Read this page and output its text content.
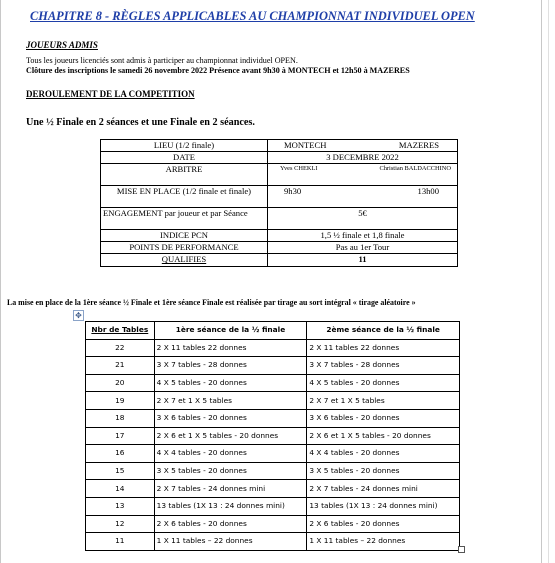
CHAPITRE 8 - RÈGLES APPLICABLES AU CHAMPIONNAT INDIVIDUEL OPEN
JOUEURS ADMIS
Tous les joueurs licenciés sont admis à participer au championnat individuel OPEN.
Clôture des inscriptions le samedi 26 novembre 2022 Présence avant 9h30 à MONTECH et 12h50 à MAZERES
DEROULEMENT DE LA COMPETITION
Une ½ Finale en 2 séances et une Finale en 2 séances.
LIEU (1/2 finale)	MONTECH MAZERES

DATE	3 DECEMBRE 2022
ARBITRE	Yves CHEKLI Christian BALDACCHINO

MISE EN PLACE (1/2 finale et finale)	9h30 13h00

ENGAGEMENT par joueur et par Séance	5€
INDICE PCN	1,5 ½ finale et 1,8 finale
POINTS DE PERFORMANCE	Pas au 1er Tour
QUALIFIES	11
La mise en place de la 1ère séance ½ Finale et 1ère séance Finale est réalisée par tirage au sort intégral « tirage aléatoire »
✥
Nbr de Tables	1ère séance de la ½ finale	2ème séance de la ½ finale
22	2 X 11 tables 22 donnes	2 X 11 tables 22 donnes
21	3 X 7 tables - 28 donnes	3 X 7 tables - 28 donnes
20	4 X 5 tables - 20 donnes	4 X 5 tables - 20 donnes
19	2 X 7 et 1 X 5 tables	2 X 7 et 1 X 5 tables
18	3 X 6 tables - 20 donnes	3 X 6 tables - 20 donnes
17	2 X 6 et 1 X 5 tables - 20 donnes	2 X 6 et 1 X 5 tables - 20 donnes
16	4 X 4 tables - 20 donnes	4 X 4 tables - 20 donnes
15	3 X 5 tables - 20 donnes	3 X 5 tables - 20 donnes
14	2 X 7 tables - 24 donnes mini	2 X 7 tables - 24 donnes mini
13	13 tables (1X 13 : 24 donnes mini)	13 tables (1X 13 : 24 donnes mini)
12	2 X 6 tables - 20 donnes	2 X 6 tables - 20 donnes
11	1 X 11 tables – 22 donnes	1 X 11 tables – 22 donnes
